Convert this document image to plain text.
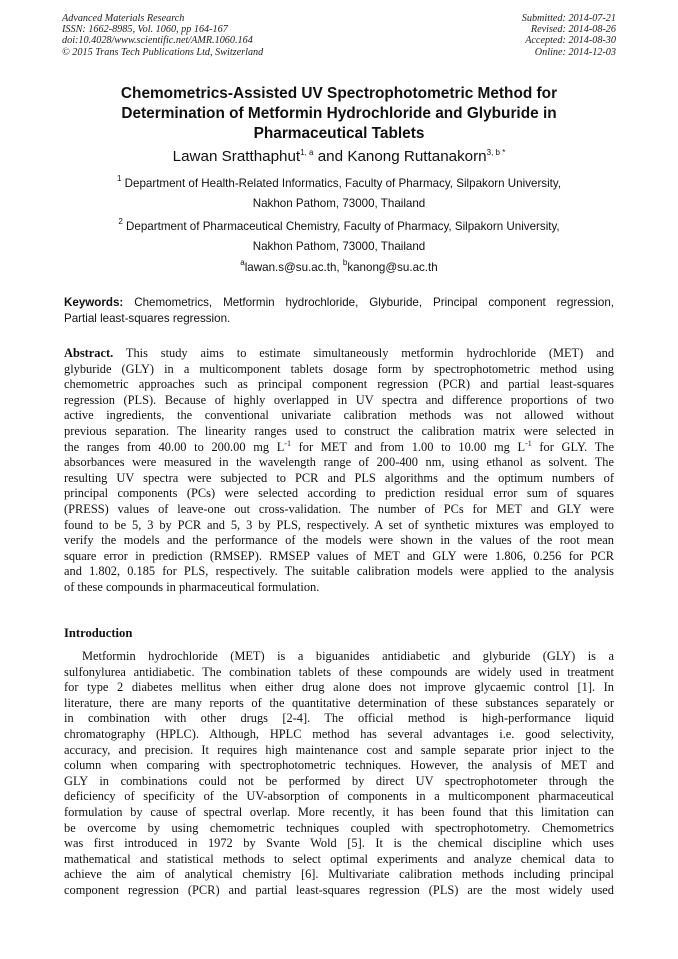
Advanced Materials Research
ISSN: 1662-8985, Vol. 1060, pp 164-167
doi:10.4028/www.scientific.net/AMR.1060.164
© 2015 Trans Tech Publications Ltd, Switzerland
Submitted: 2014-07-21
Revised: 2014-08-26
Accepted: 2014-08-30
Online: 2014-12-03
Chemometrics-Assisted UV Spectrophotometric Method for
Determination of Metformin Hydrochloride and Glyburide in
Pharmaceutical Tablets
Lawan Sratthaphut$^{1, a}$ and Kanong Ruttanakorn$^{3, b *}$
$^1$ Department of Health-Related Informatics, Faculty of Pharmacy, Silpakorn University,
Nakhon Pathom, 73000, Thailand
$^2$ Department of Pharmaceutical Chemistry, Faculty of Pharmacy, Silpakorn University,
Nakhon Pathom, 73000, Thailand
$^a$lawan.s@su.ac.th, $^b$kanong@su.ac.th
Keywords: Chemometrics, Metformin hydrochloride, Glyburide, Principal component regression,
Partial least-squares regression.
Abstract. This study aims to estimate simultaneously metformin hydrochloride (MET) and
glyburide (GLY) in a multicomponent tablets dosage form by spectrophotometric method using
chemometric approaches such as principal component regression (PCR) and partial least-squares
regression (PLS). Because of highly overlapped in UV spectra and difference proportions of two
active ingredients, the conventional univariate calibration methods was not allowed without
previous separation. The linearity ranges used to construct the calibration matrix were selected in
the ranges from 40.00 to 200.00 mg $L^{-1}$ for MET and from 1.00 to 10.00 mg $L^{-1}$ for GLY. The
absorbances were measured in the wavelength range of 200-400 nm, using ethanol as solvent. The
resulting UV spectra were subjected to PCR and PLS algorithms and the optimum numbers of
principal components (PCs) were selected according to prediction residual error sum of squares
(PRESS) values of leave-one out cross-validation. The number of PCs for MET and GLY were
found to be 5, 3 by PCR and 5, 3 by PLS, respectively. A set of synthetic mixtures was employed to
verify the models and the performance of the models were shown in the values of the root mean
square error in prediction (RMSEP). RMSEP values of MET and GLY were 1.806, 0.256 for PCR
and 1.802, 0.185 for PLS, respectively. The suitable calibration models were applied to the analysis
of these compounds in pharmaceutical formulation.
Introduction
Metformin hydrochloride (MET) is a biguanides antidiabetic and glyburide (GLY) is a
sulfonylurea antidiabetic. The combination tablets of these compounds are widely used in treatment
for type 2 diabetes mellitus when either drug alone does not improve glycaemic control [1]. In
literature, there are many reports of the quantitative determination of these substances separately or
in combination with other drugs [2-4]. The official method is high-performance liquid
chromatography (HPLC). Although, HPLC method has several advantages i.e. good selectivity,
accuracy, and precision. It requires high maintenance cost and sample separate prior inject to the
column when comparing with spectrophotometric techniques. However, the analysis of MET and
GLY in combinations could not be performed by direct UV spectrophotometer through the
deficiency of specificity of the UV-absorption of components in a multicomponent pharmaceutical
formulation by cause of spectral overlap. More recently, it has been found that this limitation can
be overcome by using chemometric techniques coupled with spectrophotometry. Chemometrics
was first introduced in 1972 by Svante Wold [5]. It is the chemical discipline which uses
mathematical and statistical methods to select optimal experiments and analyze chemical data to
achieve the aim of analytical chemistry [6]. Multivariate calibration methods including principal
component regression (PCR) and partial least-squares regression (PLS) are the most widely used
